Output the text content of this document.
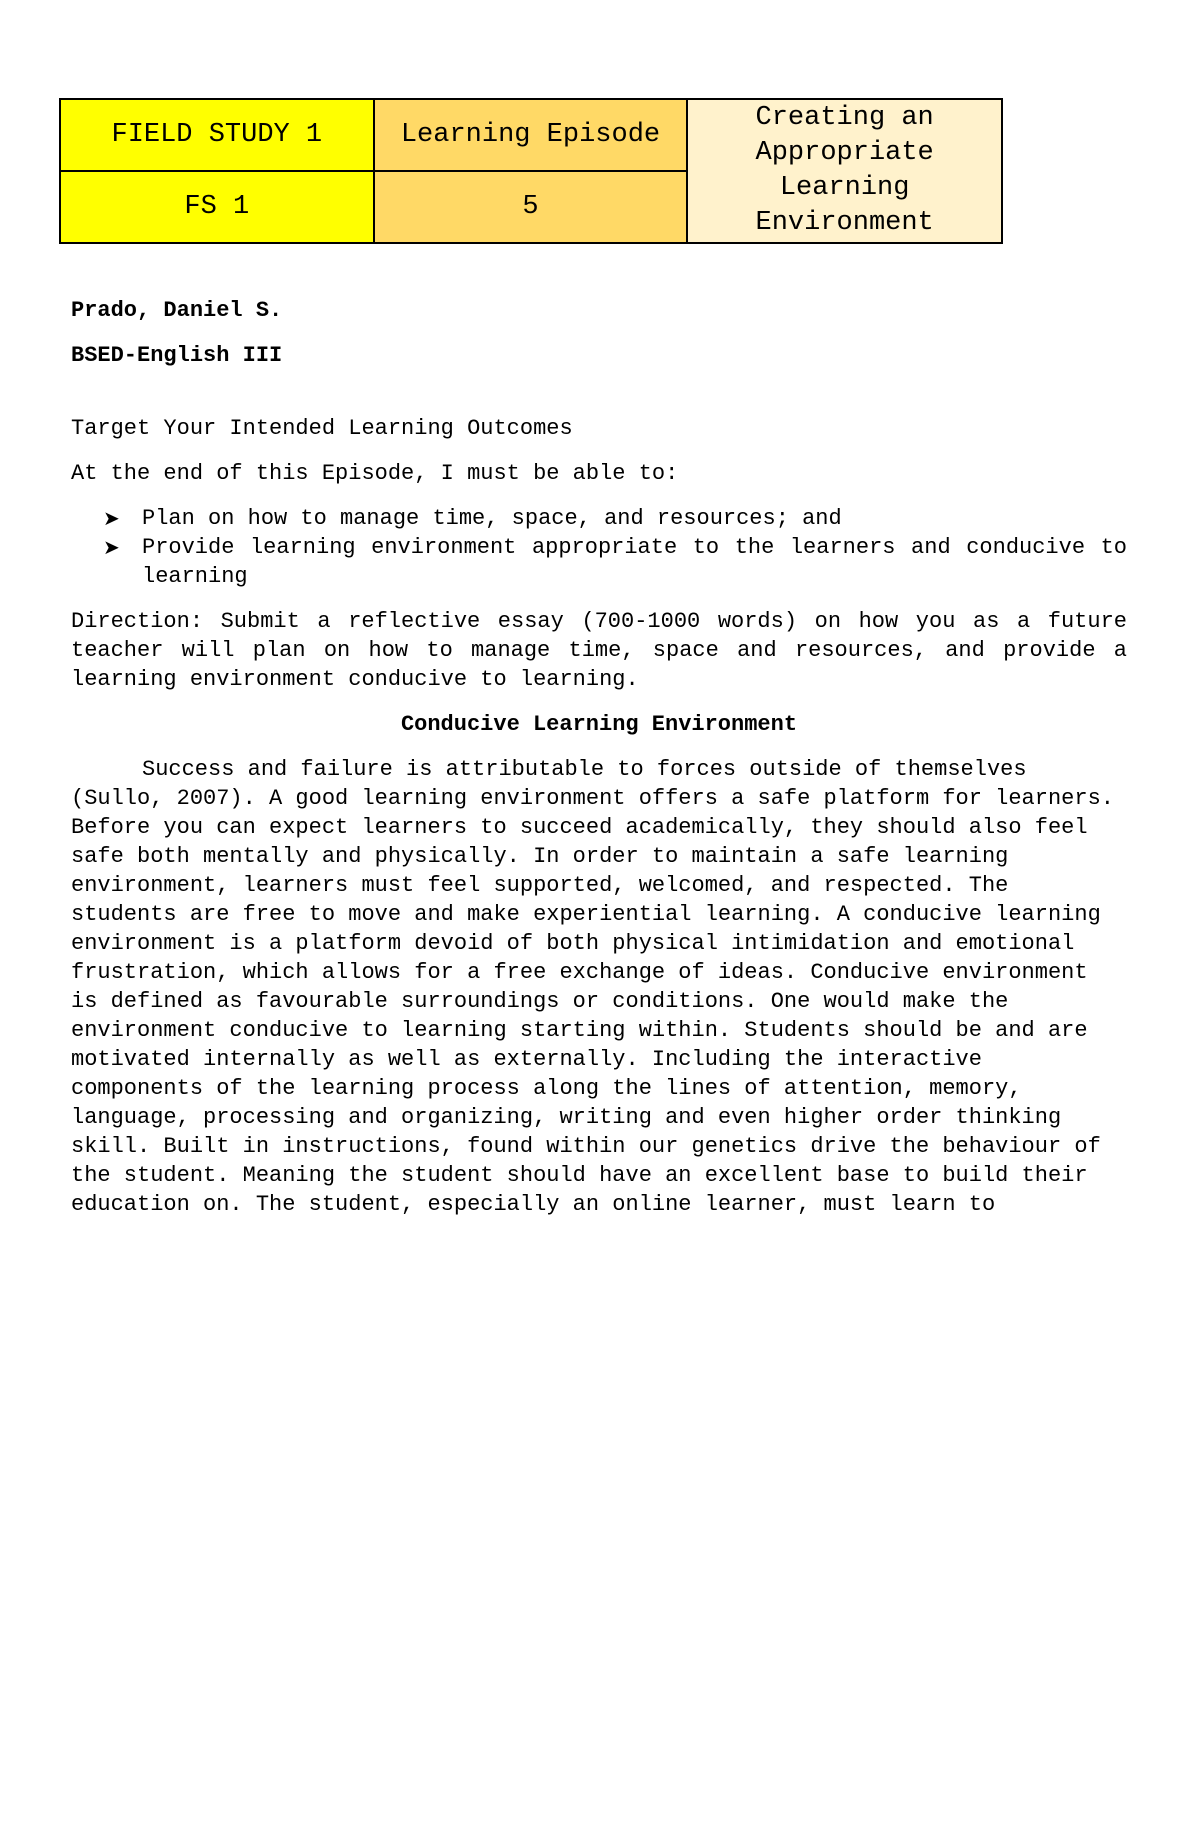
FIELD STUDY 1	Learning Episode	Creating an Appropriate Learning Environment
FS 1	5	

Prado, Daniel S.

BSED-English III

Target Your Intended Learning Outcomes

At the end of this Episode, I must be able to:

➤ Plan on how to manage time, space, and resources; and
➤ Provide learning environment appropriate to the learners and conducive to learning

Direction: Submit a reflective essay (700-1000 words) on how you as a future teacher will plan on how to manage time, space and resources, and provide a learning environment conducive to learning.

Conducive Learning Environment

Success and failure is attributable to forces outside of themselves (Sullo, 2007). A good learning environment offers a safe platform for learners. Before you can expect learners to succeed academically, they should also feel safe both mentally and physically. In order to maintain a safe learning environment, learners must feel supported, welcomed, and respected. The students are free to move and make experiential learning. A conducive learning environment is a platform devoid of both physical intimidation and emotional frustration, which allows for a free exchange of ideas. Conducive environment is defined as favourable surroundings or conditions. One would make the environment conducive to learning starting within. Students should be and are motivated internally as well as externally. Including the interactive components of the learning process along the lines of attention, memory, language, processing and organizing, writing and even higher order thinking skill. Built in instructions, found within our genetics drive the behaviour of the student. Meaning the student should have an excellent base to build their education on. The student, especially an online learner, must learn to
